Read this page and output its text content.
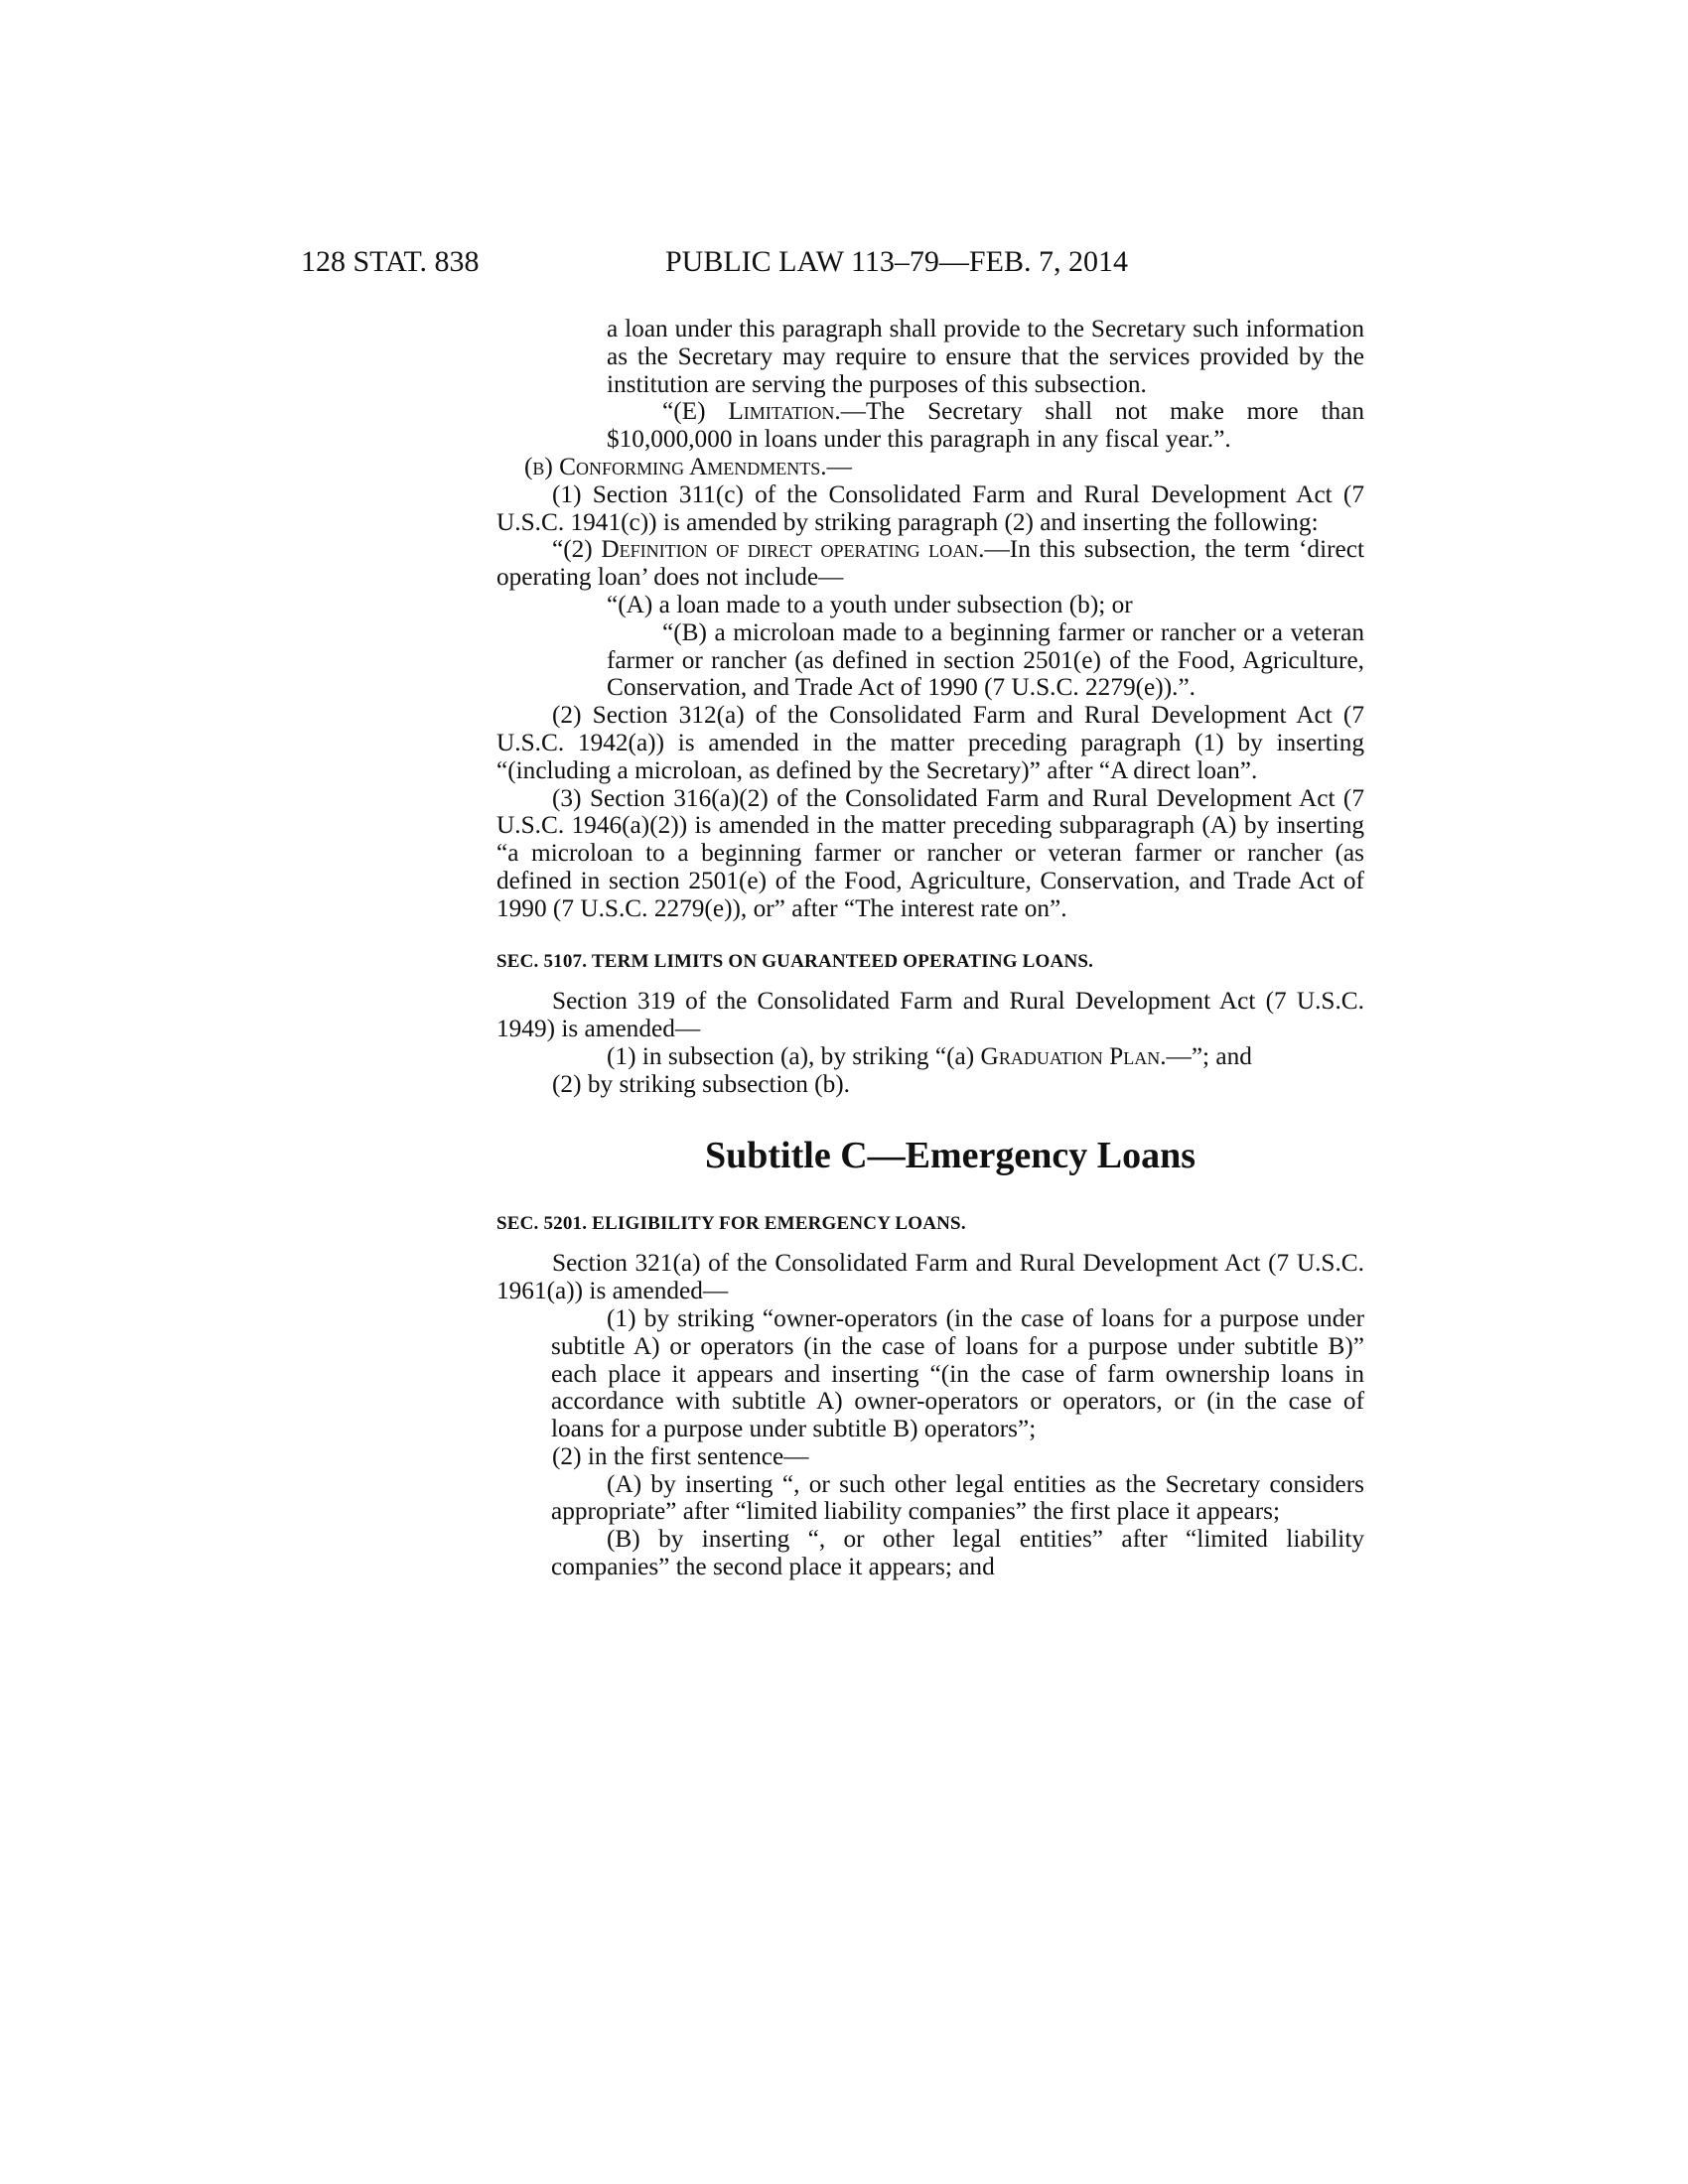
128 STAT. 838	PUBLIC LAW 113–79—FEB. 7, 2014

a loan under this paragraph shall provide to the Secretary such information as the Secretary may require to ensure that the services provided by the institution are serving the purposes of this subsection.

“(E) Limitation.—The Secretary shall not make more than $10,000,000 in loans under this paragraph in any fiscal year.”.

(b) Conforming Amendments.—

(1) Section 311(c) of the Consolidated Farm and Rural Development Act (7 U.S.C. 1941(c)) is amended by striking paragraph (2) and inserting the following:

“(2) Definition of direct operating loan.—In this subsection, the term ‘direct operating loan’ does not include—

“(A) a loan made to a youth under subsection (b); or

“(B) a microloan made to a beginning farmer or rancher or a veteran farmer or rancher (as defined in section 2501(e) of the Food, Agriculture, Conservation, and Trade Act of 1990 (7 U.S.C. 2279(e)).”.

(2) Section 312(a) of the Consolidated Farm and Rural Development Act (7 U.S.C. 1942(a)) is amended in the matter preceding paragraph (1) by inserting “(including a microloan, as defined by the Secretary)” after “A direct loan”.

(3) Section 316(a)(2) of the Consolidated Farm and Rural Development Act (7 U.S.C. 1946(a)(2)) is amended in the matter preceding subparagraph (A) by inserting “a microloan to a beginning farmer or rancher or veteran farmer or rancher (as defined in section 2501(e) of the Food, Agriculture, Conservation, and Trade Act of 1990 (7 U.S.C. 2279(e)), or” after “The interest rate on”.

SEC. 5107. TERM LIMITS ON GUARANTEED OPERATING LOANS.

Section 319 of the Consolidated Farm and Rural Development Act (7 U.S.C. 1949) is amended—

(1) in subsection (a), by striking “(a) Graduation Plan.—”; and

(2) by striking subsection (b).

Subtitle C—Emergency Loans

SEC. 5201. ELIGIBILITY FOR EMERGENCY LOANS.

Section 321(a) of the Consolidated Farm and Rural Development Act (7 U.S.C. 1961(a)) is amended—

(1) by striking “owner-operators (in the case of loans for a purpose under subtitle A) or operators (in the case of loans for a purpose under subtitle B)” each place it appears and inserting “(in the case of farm ownership loans in accordance with subtitle A) owner-operators or operators, or (in the case of loans for a purpose under subtitle B) operators”;

(2) in the first sentence—

(A) by inserting “, or such other legal entities as the Secretary considers appropriate” after “limited liability companies” the first place it appears;

(B) by inserting “, or other legal entities” after “limited liability companies” the second place it appears; and
